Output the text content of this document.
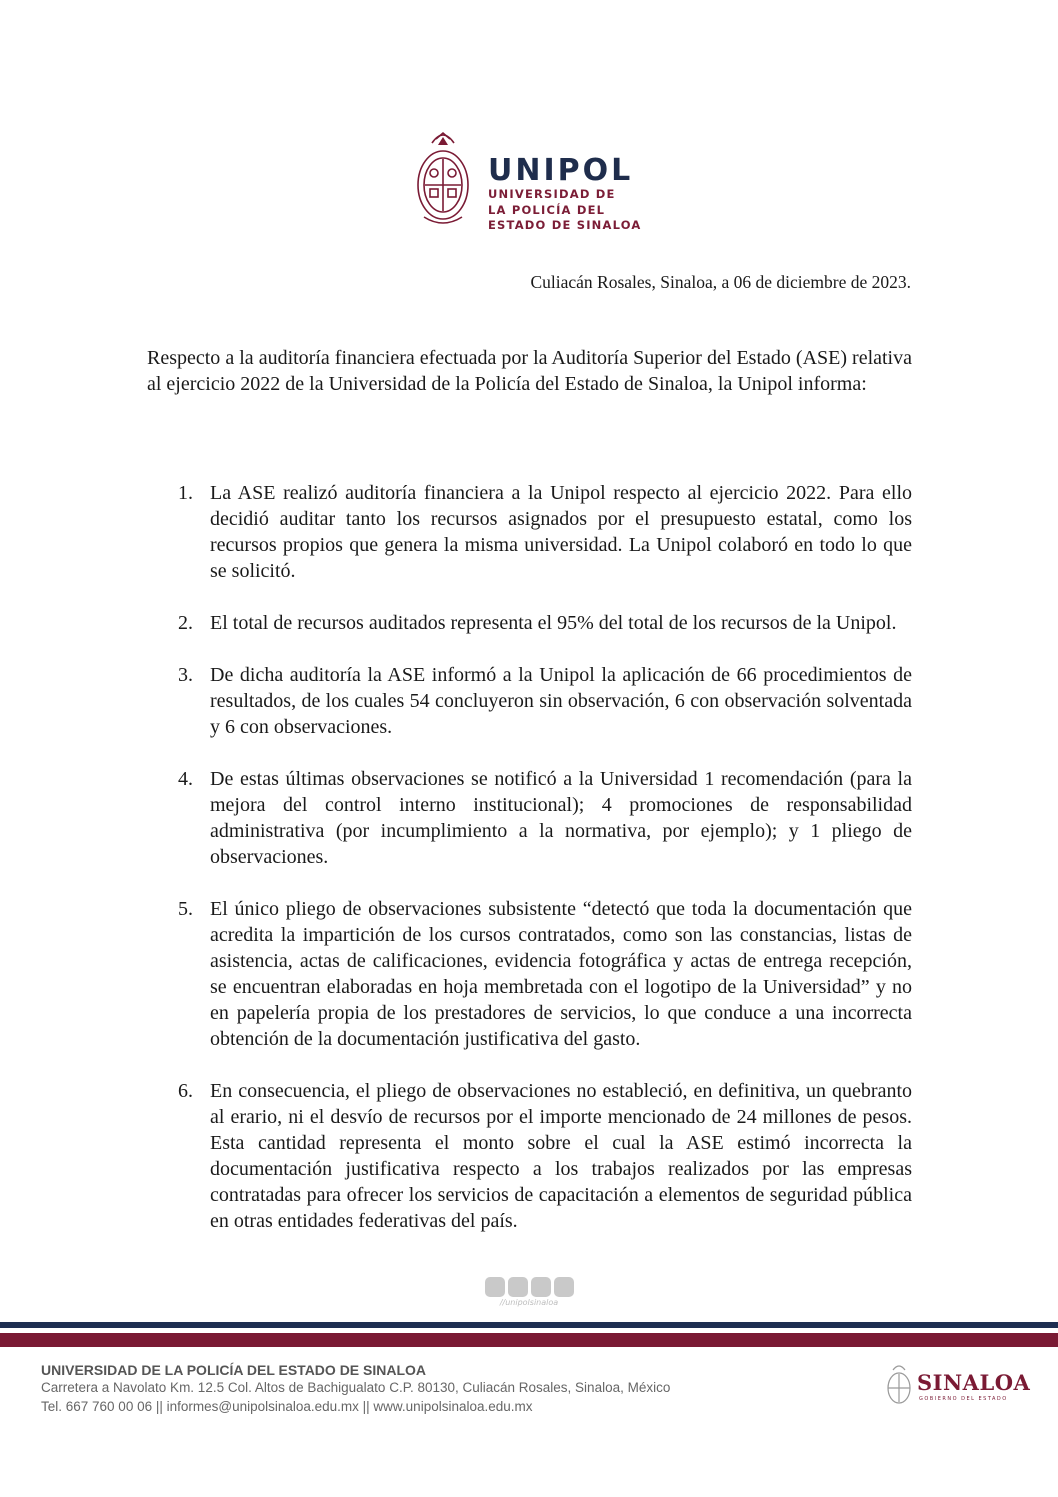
UNIPOL
UNIVERSIDAD DE
LA POLICÍA DEL
ESTADO DE SINALOA
Culiacán Rosales, Sinaloa, a 06 de diciembre de 2023.
Respecto a la auditoría financiera efectuada por la Auditoría Superior del Estado (ASE) relativa al ejercicio 2022 de la Universidad de la Policía del Estado de Sinaloa, la Unipol informa:
1. La ASE realizó auditoría financiera a la Unipol respecto al ejercicio 2022. Para ello decidió auditar tanto los recursos asignados por el presupuesto estatal, como los recursos propios que genera la misma universidad. La Unipol colaboró en todo lo que se solicitó.
2. El total de recursos auditados representa el 95% del total de los recursos de la Unipol.
3. De dicha auditoría la ASE informó a la Unipol la aplicación de 66 procedimientos de resultados, de los cuales 54 concluyeron sin observación, 6 con observación solventada y 6 con observaciones.
4. De estas últimas observaciones se notificó a la Universidad 1 recomendación (para la mejora del control interno institucional); 4 promociones de responsabilidad administrativa (por incumplimiento a la normativa, por ejemplo); y 1 pliego de observaciones.
5. El único pliego de observaciones subsistente “detectó que toda la documentación que acredita la impartición de los cursos contratados, como son las constancias, listas de asistencia, actas de calificaciones, evidencia fotográfica y actas de entrega recepción, se encuentran elaboradas en hoja membretada con el logotipo de la Universidad” y no en papelería propia de los prestadores de servicios, lo que conduce a una incorrecta obtención de la documentación justificativa del gasto.
6. En consecuencia, el pliego de observaciones no estableció, en definitiva, un quebranto al erario, ni el desvío de recursos por el importe mencionado de 24 millones de pesos. Esta cantidad representa el monto sobre el cual la ASE estimó incorrecta la documentación justificativa respecto a los trabajos realizados por las empresas contratadas para ofrecer los servicios de capacitación a elementos de seguridad pública en otras entidades federativas del país.
//unipolsinaloa
UNIVERSIDAD DE LA POLICÍA DEL ESTADO DE SINALOA
Carretera a Navolato Km. 12.5 Col. Altos de Bachigualato C.P. 80130, Culiacán Rosales, Sinaloa, México
Tel. 667 760 00 06 || informes@unipolsinaloa.edu.mx || www.unipolsinaloa.edu.mx
SINALOA
GOBIERNO DEL ESTADO
